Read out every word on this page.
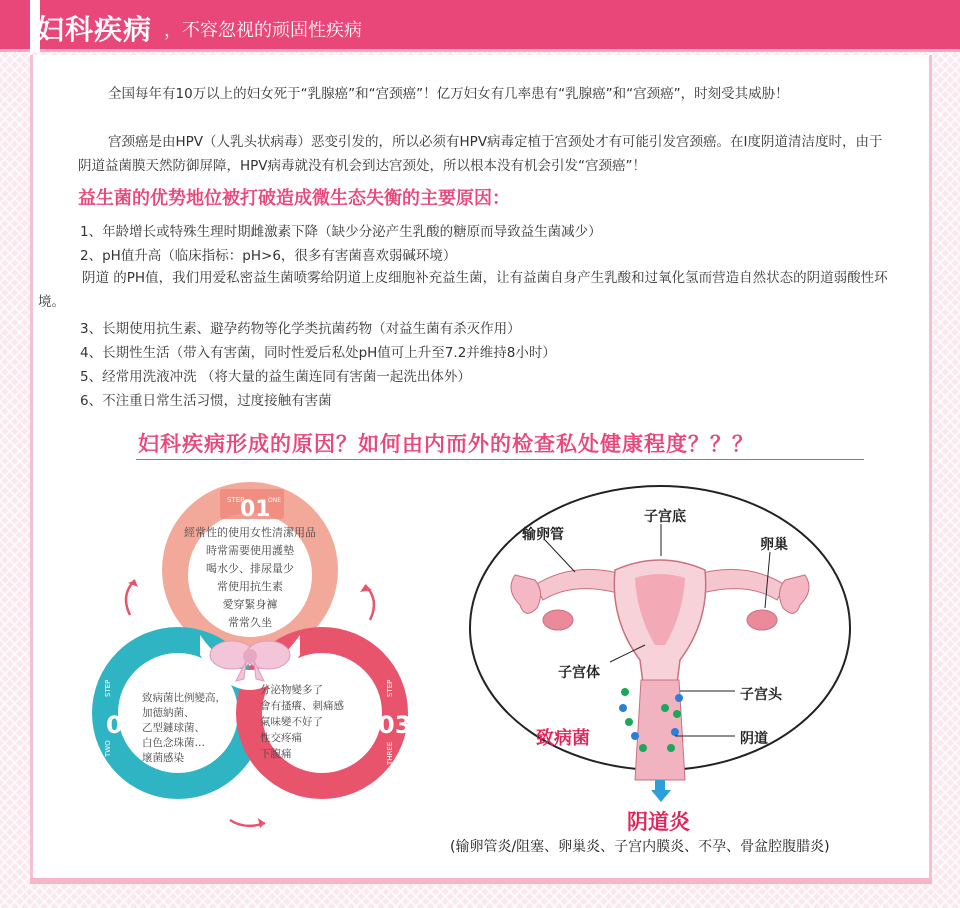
妇科疾病 ，不容忽视的顽固性疾病
全国每年有10万以上的妇女死于“乳腺癌”和“宫颈癌”！亿万妇女有几率患有“乳腺癌”和“宫颈癌”，时刻受其威胁！
宫颈癌是由HPV（人乳头状病毒）恶变引发的，所以必须有HPV病毒定植于宫颈处才有可能引发宫颈癌。在Ⅰ度阴道清洁度时，由于阴道益菌膜天然防御屏障，HPV病毒就没有机会到达宫颈处，所以根本没有机会引发“宫颈癌”！
益生菌的优势地位被打破造成微生态失衡的主要原因：
1、年龄增长或特殊生理时期雌激素下降（缺少分泌产生乳酸的糖原而导致益生菌减少）
2、pH值升高（临床指标：pH>6，很多有害菌喜欢弱碱环境）
阴道 的PH值，我们用爱私密益生菌喷雾给阴道上皮细胞补充益生菌，让有益菌自身产生乳酸和过氧化氢而营造自然状态的阴道弱酸性环境。
3、长期使用抗生素、避孕药物等化学类抗菌药物（对益生菌有杀灭作用）
4、长期性生活（带入有害菌，同时性爱后私处pH值可上升至7.2并维持8小时）
5、经常用洗液冲洗 （将大量的益生菌连同有害菌一起洗出体外）
6、不注重日常生活习惯，过度接触有害菌
妇科疾病形成的原因？如何由内而外的检查私处健康程度？？？
STEP
01
ONE
經常性的使用女性清潔用品
時常需要使用護墊
喝水少、排尿量少
常使用抗生素
愛穿緊身褲
常常久坐
02
STEP
TWO
致病菌比例變高，
加德納菌、
乙型鏈球菌、
白色念珠菌…
壞菌感染
03
STEP
THREE
分泌物變多了
會有搔癢、刺痛感
氣味變不好了
性交疼痛
下腹痛
子宫底
输卵管
卵巢
子宫体
子宫头
阴道
致病菌
阴道炎
(输卵管炎/阻塞、卵巢炎、子宫内膜炎、不孕、骨盆腔腹腊炎)
